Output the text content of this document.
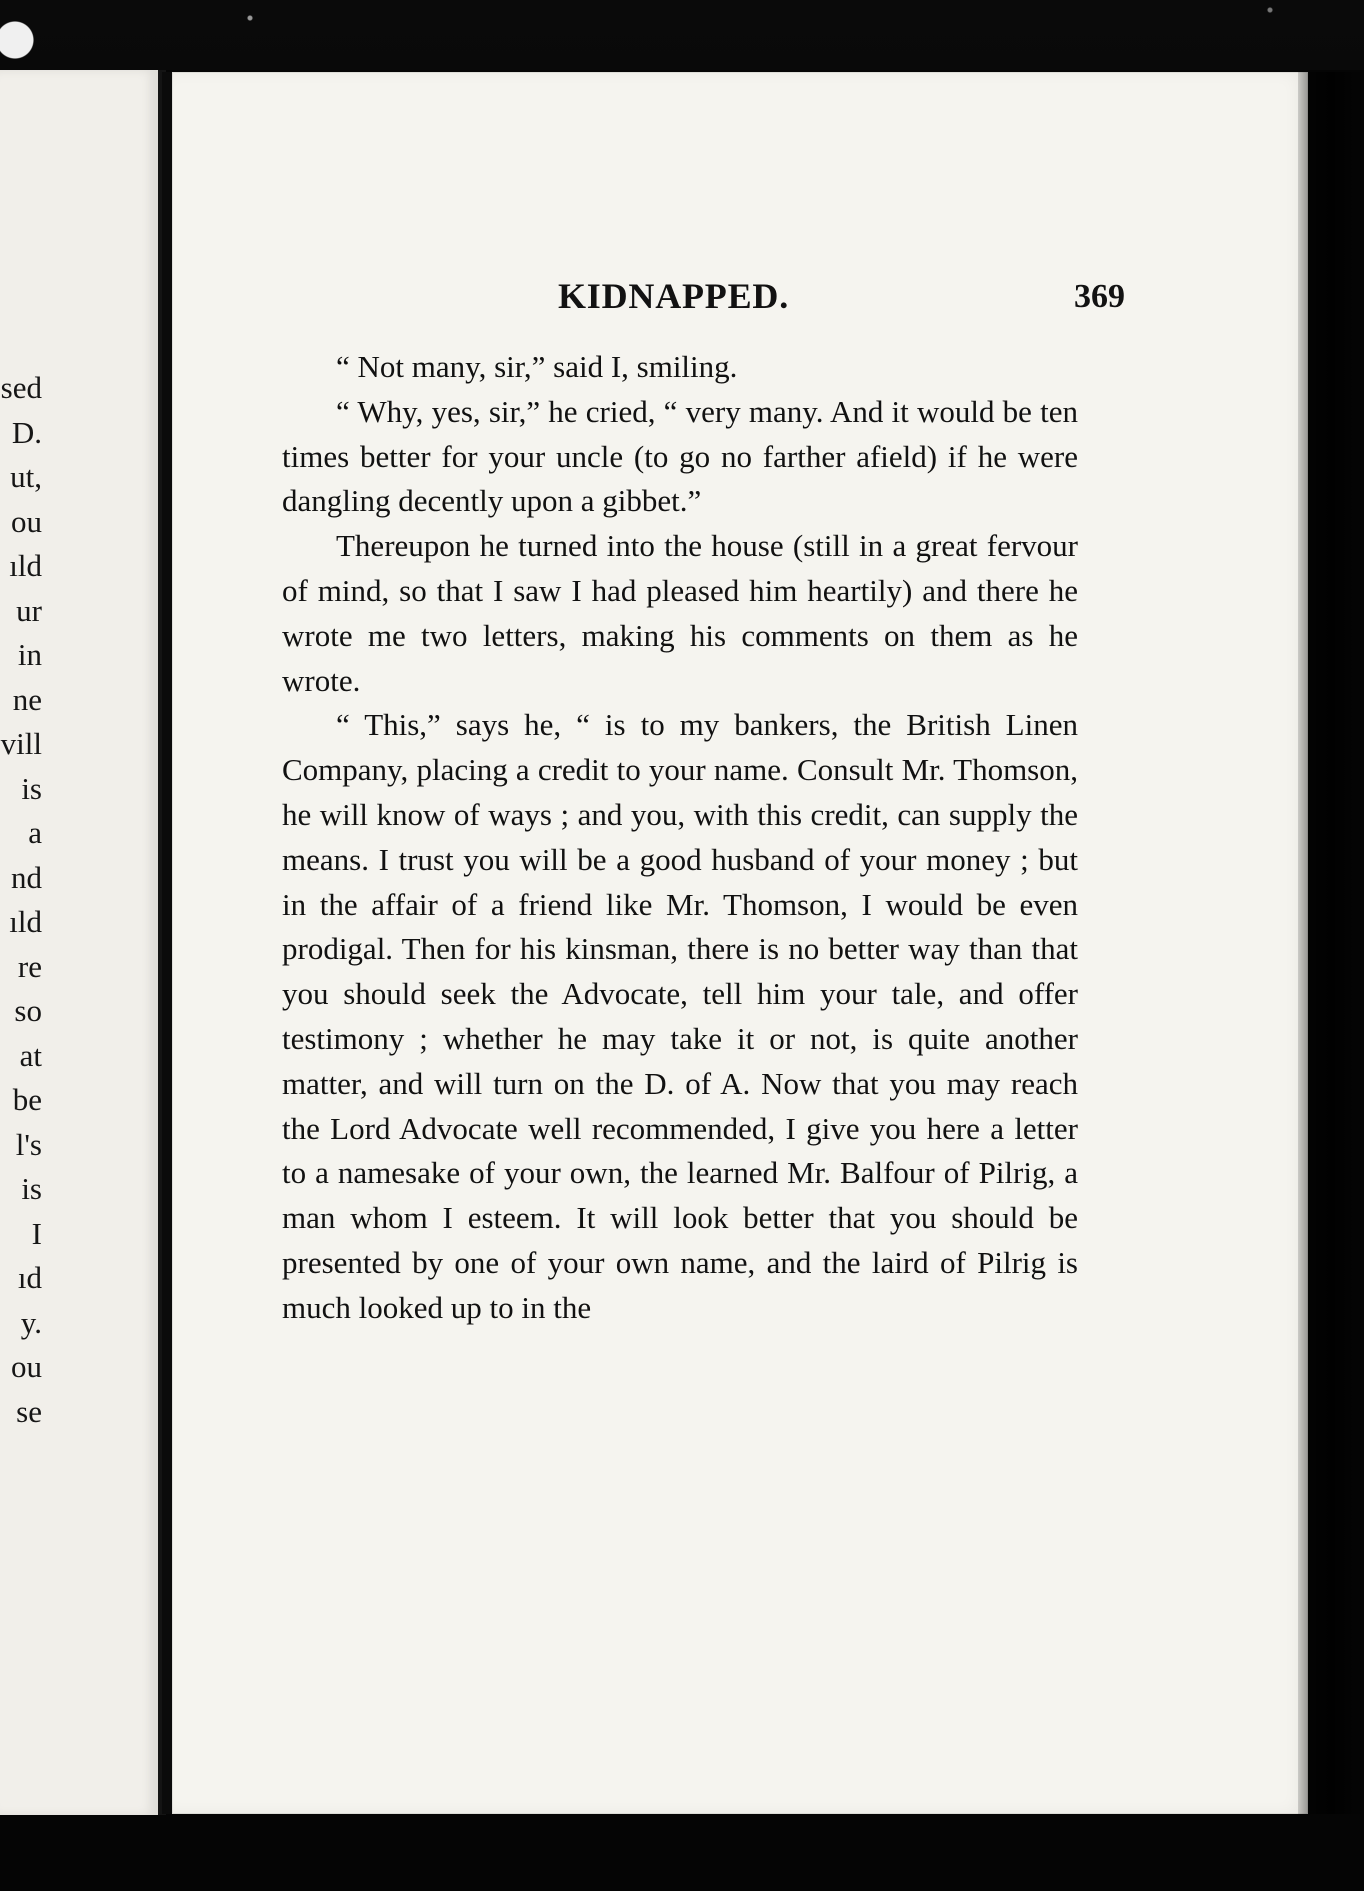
sed
D.
ut,
ou
ıld
ur
in
ne
vill
is
a
nd
ıld
re
so
at
be
l's
is
I
ıd
y.
ou
se
KIDNAPPED.	369

“ Not many, sir,” said I, smiling.

“ Why, yes, sir,” he cried, “ very many. And it would be ten times better for your uncle (to go no farther afield) if he were dangling decently upon a gibbet.”

Thereupon he turned into the house (still in a great fervour of mind, so that I saw I had pleased him heartily) and there he wrote me two letters, making his comments on them as he wrote.

“ This,” says he, “ is to my bankers, the British Linen Company, placing a credit to your name. Consult Mr. Thomson, he will know of ways ; and you, with this credit, can supply the means. I trust you will be a good husband of your money ; but in the affair of a friend like Mr. Thomson, I would be even prodigal. Then for his kinsman, there is no better way than that you should seek the Advocate, tell him your tale, and offer testimony ; whether he may take it or not, is quite another matter, and will turn on the D. of A. Now that you may reach the Lord Advocate well recommended, I give you here a letter to a namesake of your own, the learned Mr. Balfour of Pilrig, a man whom I esteem. It will look better that you should be presented by one of your own name, and the laird of Pilrig is much looked up to in the
